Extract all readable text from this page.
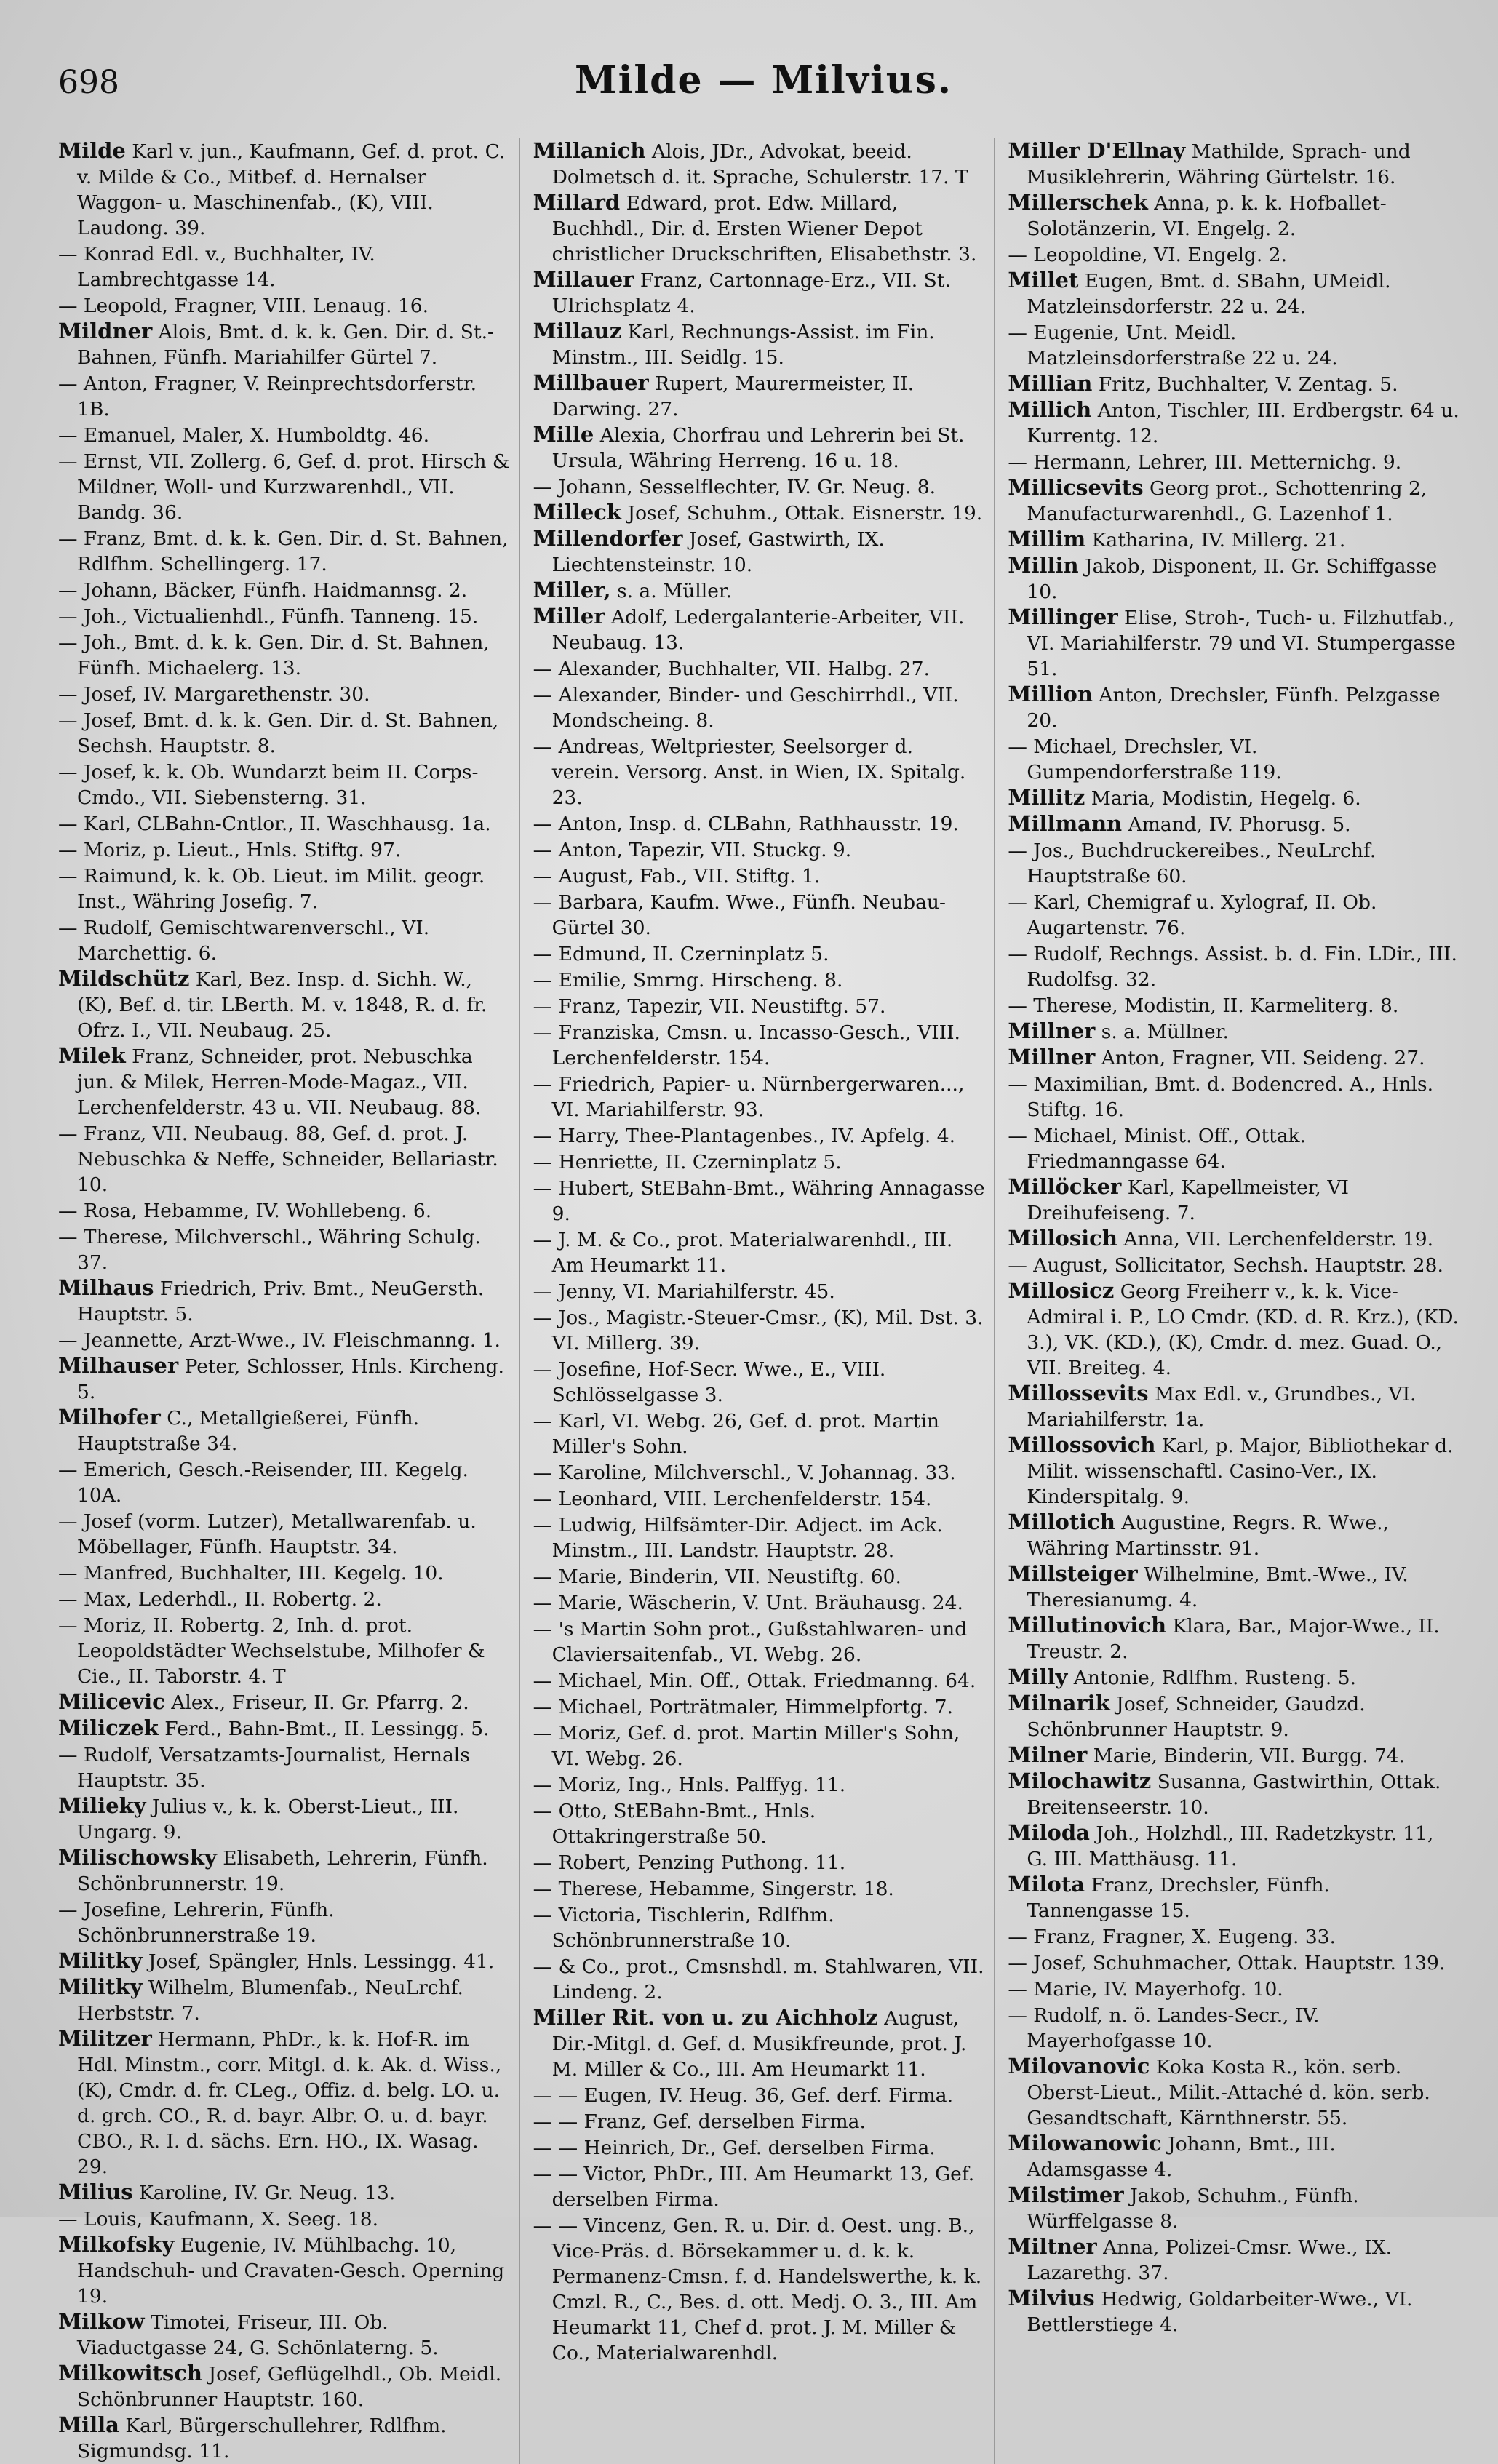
698	Milde — Milvius.

Milde Karl v. jun., Kaufmann, Gef. d. prot. C. v. Milde & Co., Mitbef. d. Hernalser Waggon- u. Maschinenfab., (K), VIII. Laudong. 39.

— Konrad Edl. v., Buchhalter, IV. Lambrechtgasse 14.

— Leopold, Fragner, VIII. Lenaug. 16.

Mildner Alois, Bmt. d. k. k. Gen. Dir. d. St.-Bahnen, Fünfh. Mariahilfer Gürtel 7.

— Anton, Fragner, V. Reinprechtsdorferstr. 1B.

— Emanuel, Maler, X. Humboldtg. 46.

— Ernst, VII. Zollerg. 6, Gef. d. prot. Hirsch & Mildner, Woll- und Kurzwarenhdl., VII. Bandg. 36.

— Franz, Bmt. d. k. k. Gen. Dir. d. St. Bahnen, Rdlfhm. Schellingerg. 17.

— Johann, Bäcker, Fünfh. Haidmannsg. 2.

— Joh., Victualienhdl., Fünfh. Tanneng. 15.

— Joh., Bmt. d. k. k. Gen. Dir. d. St. Bahnen, Fünfh. Michaelerg. 13.

— Josef, IV. Margarethenstr. 30.

— Josef, Bmt. d. k. k. Gen. Dir. d. St. Bahnen, Sechsh. Hauptstr. 8.

— Josef, k. k. Ob. Wundarzt beim II. Corps-Cmdo., VII. Siebensterng. 31.

— Karl, CLBahn-Cntlor., II. Waschhausg. 1a.

— Moriz, p. Lieut., Hnls. Stiftg. 97.

— Raimund, k. k. Ob. Lieut. im Milit. geogr. Inst., Währing Josefig. 7.

— Rudolf, Gemischtwarenverschl., VI. Marchettig. 6.

Mildschütz Karl, Bez. Insp. d. Sichh. W., (K), Bef. d. tir. LBerth. M. v. 1848, R. d. fr. Ofrz. I., VII. Neubaug. 25.

Milek Franz, Schneider, prot. Nebuschka jun. & Milek, Herren-Mode-Magaz., VII. Lerchenfelderstr. 43 u. VII. Neubaug. 88.

— Franz, VII. Neubaug. 88, Gef. d. prot. J. Nebuschka & Neffe, Schneider, Bellariastr. 10.

— Rosa, Hebamme, IV. Wohllebeng. 6.

— Therese, Milchverschl., Währing Schulg. 37.

Milhaus Friedrich, Priv. Bmt., NeuGersth. Hauptstr. 5.

— Jeannette, Arzt-Wwe., IV. Fleischmanng. 1.

Milhauser Peter, Schlosser, Hnls. Kircheng. 5.

Milhofer C., Metallgießerei, Fünfh. Hauptstraße 34.

— Emerich, Gesch.-Reisender, III. Kegelg. 10A.

— Josef (vorm. Lutzer), Metallwarenfab. u. Möbellager, Fünfh. Hauptstr. 34.

— Manfred, Buchhalter, III. Kegelg. 10.

— Max, Lederhdl., II. Robertg. 2.

— Moriz, II. Robertg. 2, Inh. d. prot. Leopoldstädter Wechselstube, Milhofer & Cie., II. Taborstr. 4. T

Milicevic Alex., Friseur, II. Gr. Pfarrg. 2.

Miliczek Ferd., Bahn-Bmt., II. Lessingg. 5.

— Rudolf, Versatzamts-Journalist, Hernals Hauptstr. 35.

Milieky Julius v., k. k. Oberst-Lieut., III. Ungarg. 9.

Milischowsky Elisabeth, Lehrerin, Fünfh. Schönbrunnerstr. 19.

— Josefine, Lehrerin, Fünfh. Schönbrunnerstraße 19.

Militky Josef, Spängler, Hnls. Lessingg. 41.

Militky Wilhelm, Blumenfab., NeuLrchf. Herbststr. 7.

Militzer Hermann, PhDr., k. k. Hof-R. im Hdl. Minstm., corr. Mitgl. d. k. Ak. d. Wiss., (K), Cmdr. d. fr. CLeg., Offiz. d. belg. LO. u. d. grch. CO., R. d. bayr. Albr. O. u. d. bayr. CBO., R. I. d. sächs. Ern. HO., IX. Wasag. 29.

Milius Karoline, IV. Gr. Neug. 13.

— Louis, Kaufmann, X. Seeg. 18.

Milkofsky Eugenie, IV. Mühlbachg. 10, Handschuh- und Cravaten-Gesch. Operning 19.

Milkow Timotei, Friseur, III. Ob. Viaductgasse 24, G. Schönlaterng. 5.

Milkowitsch Josef, Geflügelhdl., Ob. Meidl. Schönbrunner Hauptstr. 160.

Milla Karl, Bürgerschullehrer, Rdlfhm. Sigmundsg. 11.

Millanich Alois, JDr., Advokat, beeid. Dolmetsch d. it. Sprache, Schulerstr. 17. T

Millard Edward, prot. Edw. Millard, Buchhdl., Dir. d. Ersten Wiener Depot christlicher Druckschriften, Elisabethstr. 3.

Millauer Franz, Cartonnage-Erz., VII. St. Ulrichsplatz 4.

Millauz Karl, Rechnungs-Assist. im Fin. Minstm., III. Seidlg. 15.

Millbauer Rupert, Maurermeister, II. Darwing. 27.

Mille Alexia, Chorfrau und Lehrerin bei St. Ursula, Währing Herreng. 16 u. 18.

— Johann, Sesselflechter, IV. Gr. Neug. 8.

Milleck Josef, Schuhm., Ottak. Eisnerstr. 19.

Millendorfer Josef, Gastwirth, IX. Liechtensteinstr. 10.

Miller, s. a. Müller.

Miller Adolf, Ledergalanterie-Arbeiter, VII. Neubaug. 13.

— Alexander, Buchhalter, VII. Halbg. 27.

— Alexander, Binder- und Geschirrhdl., VII. Mondscheing. 8.

— Andreas, Weltpriester, Seelsorger d. verein. Versorg. Anst. in Wien, IX. Spitalg. 23.

— Anton, Insp. d. CLBahn, Rathhausstr. 19.

— Anton, Tapezir, VII. Stuckg. 9.

— August, Fab., VII. Stiftg. 1.

— Barbara, Kaufm. Wwe., Fünfh. Neubau-Gürtel 30.

— Edmund, II. Czerninplatz 5.

— Emilie, Smrng. Hirscheng. 8.

— Franz, Tapezir, VII. Neustiftg. 57.

— Franziska, Cmsn. u. Incasso-Gesch., VIII. Lerchenfelderstr. 154.

— Friedrich, Papier- u. Nürnbergerwaren..., VI. Mariahilferstr. 93.

— Harry, Thee-Plantagenbes., IV. Apfelg. 4.

— Henriette, II. Czerninplatz 5.

— Hubert, StEBahn-Bmt., Währing Annagasse 9.

— J. M. & Co., prot. Materialwarenhdl., III. Am Heumarkt 11.

— Jenny, VI. Mariahilferstr. 45.

— Jos., Magistr.-Steuer-Cmsr., (K), Mil. Dst. 3. VI. Millerg. 39.

— Josefine, Hof-Secr. Wwe., E., VIII. Schlösselgasse 3.

— Karl, VI. Webg. 26, Gef. d. prot. Martin Miller's Sohn.

— Karoline, Milchverschl., V. Johannag. 33.

— Leonhard, VIII. Lerchenfelderstr. 154.

— Ludwig, Hilfsämter-Dir. Adject. im Ack. Minstm., III. Landstr. Hauptstr. 28.

— Marie, Binderin, VII. Neustiftg. 60.

— Marie, Wäscherin, V. Unt. Bräuhausg. 24.

— 's Martin Sohn prot., Gußstahlwaren- und Claviersaitenfab., VI. Webg. 26.

— Michael, Min. Off., Ottak. Friedmanng. 64.

— Michael, Porträtmaler, Himmelpfortg. 7.

— Moriz, Gef. d. prot. Martin Miller's Sohn, VI. Webg. 26.

— Moriz, Ing., Hnls. Palffyg. 11.

— Otto, StEBahn-Bmt., Hnls. Ottakringerstraße 50.

— Robert, Penzing Puthong. 11.

— Therese, Hebamme, Singerstr. 18.

— Victoria, Tischlerin, Rdlfhm. Schönbrunnerstraße 10.

— & Co., prot., Cmsnshdl. m. Stahlwaren, VII. Lindeng. 2.

Miller Rit. von u. zu Aichholz August, Dir.-Mitgl. d. Gef. d. Musikfreunde, prot. J. M. Miller & Co., III. Am Heumarkt 11.

— — Eugen, IV. Heug. 36, Gef. derf. Firma.

— — Franz, Gef. derselben Firma.

— — Heinrich, Dr., Gef. derselben Firma.

— — Victor, PhDr., III. Am Heumarkt 13, Gef. derselben Firma.

— — Vincenz, Gen. R. u. Dir. d. Oest. ung. B., Vice-Präs. d. Börsekammer u. d. k. k. Permanenz-Cmsn. f. d. Handelswerthe, k. k. Cmzl. R., C., Bes. d. ott. Medj. O. 3., III. Am Heumarkt 11, Chef d. prot. J. M. Miller & Co., Materialwarenhdl.

Miller D'Ellnay Mathilde, Sprach- und Musiklehrerin, Währing Gürtelstr. 16.

Millerschek Anna, p. k. k. Hofballet-Solotänzerin, VI. Engelg. 2.

— Leopoldine, VI. Engelg. 2.

Millet Eugen, Bmt. d. SBahn, UMeidl. Matzleinsdorferstr. 22 u. 24.

— Eugenie, Unt. Meidl. Matzleinsdorferstraße 22 u. 24.

Millian Fritz, Buchhalter, V. Zentag. 5.

Millich Anton, Tischler, III. Erdbergstr. 64 u. Kurrentg. 12.

— Hermann, Lehrer, III. Metternichg. 9.

Millicsevits Georg prot., Schottenring 2, Manufacturwarenhdl., G. Lazenhof 1.

Millim Katharina, IV. Millerg. 21.

Millin Jakob, Disponent, II. Gr. Schiffgasse 10.

Millinger Elise, Stroh-, Tuch- u. Filzhutfab., VI. Mariahilferstr. 79 und VI. Stumpergasse 51.

Million Anton, Drechsler, Fünfh. Pelzgasse 20.

— Michael, Drechsler, VI. Gumpendorferstraße 119.

Millitz Maria, Modistin, Hegelg. 6.

Millmann Amand, IV. Phorusg. 5.

— Jos., Buchdruckereibes., NeuLrchf. Hauptstraße 60.

— Karl, Chemigraf u. Xylograf, II. Ob. Augartenstr. 76.

— Rudolf, Rechngs. Assist. b. d. Fin. LDir., III. Rudolfsg. 32.

— Therese, Modistin, II. Karmeliterg. 8.

Millner s. a. Müllner.

Millner Anton, Fragner, VII. Seideng. 27.

— Maximilian, Bmt. d. Bodencred. A., Hnls. Stiftg. 16.

— Michael, Minist. Off., Ottak. Friedmanngasse 64.

Millöcker Karl, Kapellmeister, VI Dreihufeiseng. 7.

Millosich Anna, VII. Lerchenfelderstr. 19.

— August, Sollicitator, Sechsh. Hauptstr. 28.

Millosicz Georg Freiherr v., k. k. Vice-Admiral i. P., LO Cmdr. (KD. d. R. Krz.), (KD. 3.), VK. (KD.), (K), Cmdr. d. mez. Guad. O., VII. Breiteg. 4.

Millossevits Max Edl. v., Grundbes., VI. Mariahilferstr. 1a.

Millossovich Karl, p. Major, Bibliothekar d. Milit. wissenschaftl. Casino-Ver., IX. Kinderspitalg. 9.

Millotich Augustine, Regrs. R. Wwe., Währing Martinsstr. 91.

Millsteiger Wilhelmine, Bmt.-Wwe., IV. Theresianumg. 4.

Millutinovich Klara, Bar., Major-Wwe., II. Treustr. 2.

Milly Antonie, Rdlfhm. Rusteng. 5.

Milnarik Josef, Schneider, Gaudzd. Schönbrunner Hauptstr. 9.

Milner Marie, Binderin, VII. Burgg. 74.

Milochawitz Susanna, Gastwirthin, Ottak. Breitenseerstr. 10.

Miloda Joh., Holzhdl., III. Radetzkystr. 11, G. III. Matthäusg. 11.

Milota Franz, Drechsler, Fünfh. Tannengasse 15.

— Franz, Fragner, X. Eugeng. 33.

— Josef, Schuhmacher, Ottak. Hauptstr. 139.

— Marie, IV. Mayerhofg. 10.

— Rudolf, n. ö. Landes-Secr., IV. Mayerhofgasse 10.

Milovanovic Koka Kosta R., kön. serb. Oberst-Lieut., Milit.-Attaché d. kön. serb. Gesandtschaft, Kärnthnerstr. 55.

Milowanowic Johann, Bmt., III. Adamsgasse 4.

Milstimer Jakob, Schuhm., Fünfh. Würffelgasse 8.

Miltner Anna, Polizei-Cmsr. Wwe., IX. Lazarethg. 37.

Milvius Hedwig, Goldarbeiter-Wwe., VI. Bettlerstiege 4.
